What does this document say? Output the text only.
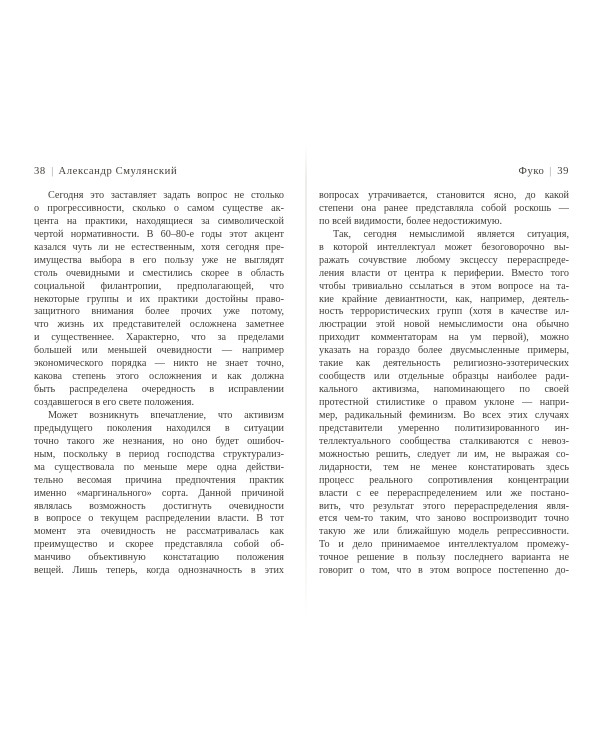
38 | Александр Смулянский
Сегодня это заставляет задать вопрос не столько
о прогрессивности, сколько о самом существе ак-
цента на практики, находящиеся за символической
чертой нормативности. В 60–80-е годы этот акцент
казался чуть ли не естественным, хотя сегодня пре-
имущества выбора в его пользу уже не выглядят
столь очевидными и сместились скорее в область
социальной филантропии, предполагающей, что
некоторые группы и их практики достойны право-
защитного внимания более прочих уже потому,
что жизнь их представителей осложнена заметнее
и существеннее. Характерно, что за пределами
большей или меньшей очевидности — например
экономического порядка — никто не знает точно,
какова степень этого осложнения и как должна
быть распределена очередность в исправлении
создавшегося в его свете положения.
Может возникнуть впечатление, что активизм
предыдущего поколения находился в ситуации
точно такого же незнания, но оно будет ошибоч-
ным, поскольку в период господства структурализ-
ма существовала по меньше мере одна действи-
тельно весомая причина предпочтения практик
именно «маргинального» сорта. Данной причиной
являлась возможность достигнуть очевидности
в вопросе о текущем распределении власти. В тот
момент эта очевидность не рассматривалась как
преимущество и скорее представляла собой об-
манчиво объективную констатацию положения
вещей. Лишь теперь, когда однозначность в этих
Фуко | 39
вопросах утрачивается, становится ясно, до какой
степени она ранее представляла собой роскошь —
по всей видимости, более недостижимую.
Так, сегодня немыслимой является ситуация,
в которой интеллектуал может безоговорочно вы-
ражать сочувствие любому эксцессу перераспреде-
ления власти от центра к периферии. Вместо того
чтобы тривиально ссылаться в этом вопросе на та-
кие крайние девиантности, как, например, деятель-
ность террористических групп (хотя в качестве ил-
люстрации этой новой немыслимости она обычно
приходит комментаторам на ум первой), можно
указать на гораздо более двусмысленные примеры,
такие как деятельность религиозно-эзотерических
сообществ или отдельные образцы наиболее ради-
кального активизма, напоминающего по своей
протестной стилистике о правом уклоне — напри-
мер, радикальный феминизм. Во всех этих случаях
представители умеренно политизированного ин-
теллектуального сообщества сталкиваются с невоз-
можностью решить, следует ли им, не выражая со-
лидарности, тем не менее констатировать здесь
процесс реального сопротивления концентрации
власти с ее перераспределением или же постано-
вить, что результат этого перераспределения явля-
ется чем-то таким, что заново воспроизводит точно
такую же или ближайшую модель репрессивности.
То и дело принимаемое интеллектуалом промежу-
точное решение в пользу последнего варианта не
говорит о том, что в этом вопросе постепенно до-
